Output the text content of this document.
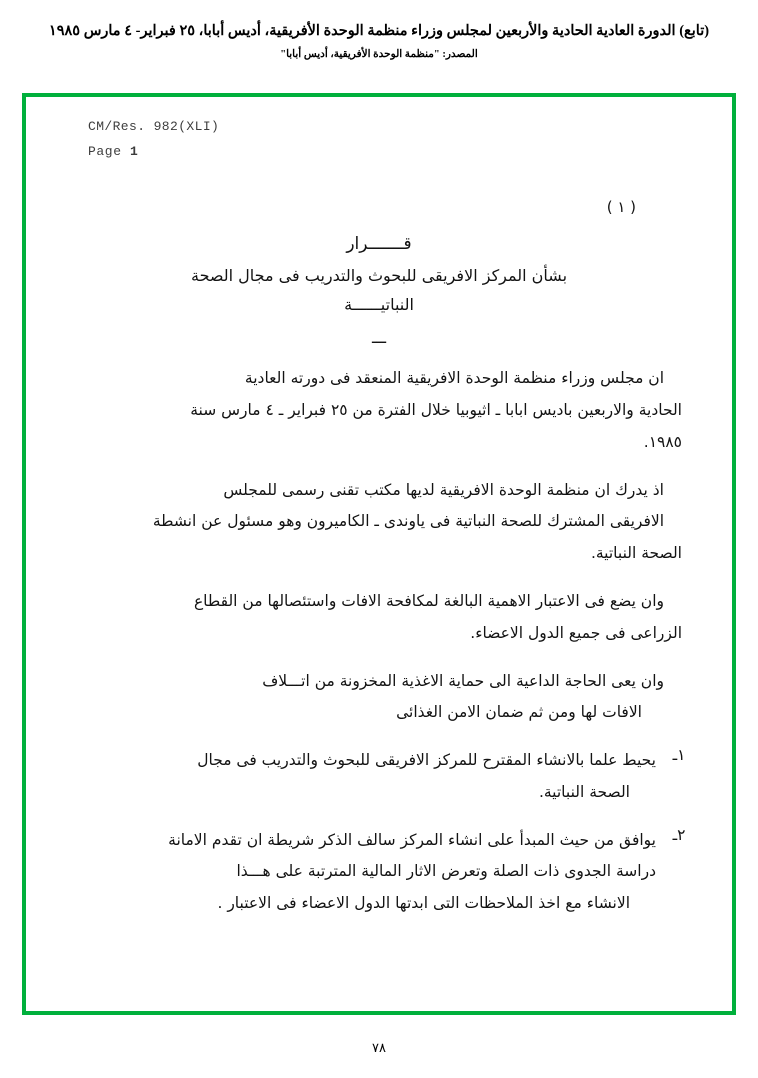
(تابع) الدورة العادية الحادية والأربعين لمجلس وزراء منظمة الوحدة الأفريقية، أديس أبابا، ٢٥ فبراير- ٤ مارس ١٩٨٥
المصدر: "منظمة الوحدة الأفريقية، أديس أبابا"
CM/Res. 982(XLI)
Page 1
( ١ )
قـــــــرار
بشأن المركز الافريقى للبحوث والتدريب فى مجال الصحة
النباتيــــــة
ـــ
ان مجلس وزراء منظمة الوحدة الافريقية المنعقد فى دورته العادية
الحادية والاربعين باديس ابابا ـ اثيوبيا خلال الفترة من ٢٥ فبراير ـ ٤ مارس سنة
١٩٨٥.
اذ يدرك ان منظمة الوحدة الافريقية لديها مكتب تقنى رسمى للمجلس
الافريقى المشترك للصحة النباتية فى ياوندى ـ الكاميرون وهو مسئول عن انشطة
الصحة النباتية.
وان يضع فى الاعتبار الاهمية البالغة لمكافحة الافات واستئصالها من القطاع
الزراعى فى جميع الدول الاعضاء.
وان يعى الحاجة الداعية الى حماية الاغذية المخزونة من اتـــلاف
الافات لها ومن ثم ضمان الامن الغذائى
١ـ
يحيط علما بالانشاء المقترح للمركز الافريقى للبحوث والتدريب فى مجال
الصحة النباتية.
٢ـ
يوافق من حيث المبدأ على انشاء المركز سالف الذكر شريطة ان تقدم الامانة
دراسة الجدوى ذات الصلة وتعرض الاثار المالية المترتبة على هـــذا
الانشاء مع اخذ الملاحظات التى ابدتها الدول الاعضاء فى الاعتبار .
٧٨
